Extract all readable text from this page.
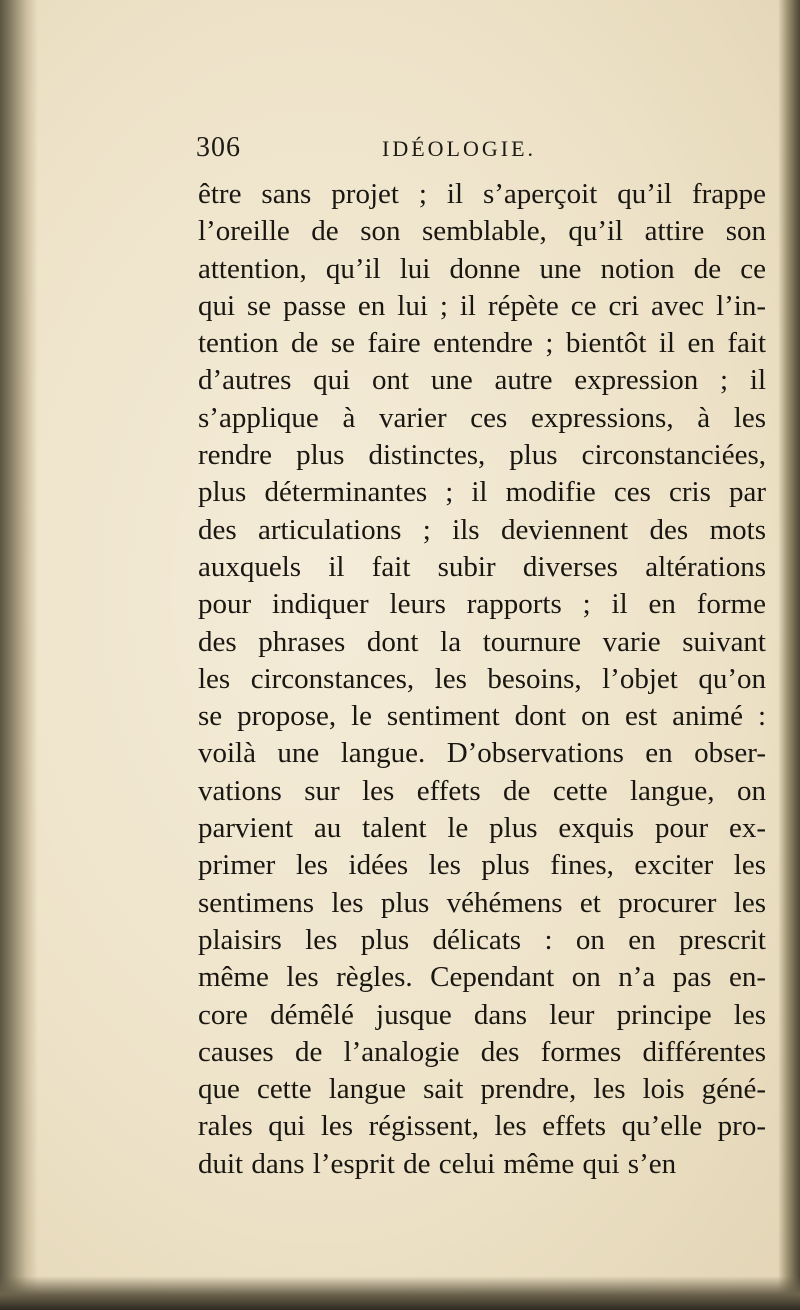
306	IDÉOLOGIE.
être sans projet ; il s’aperçoit qu’il frappe
l’oreille de son semblable, qu’il attire son
attention, qu’il lui donne une notion de ce
qui se passe en lui ; il répète ce cri avec l’in-
tention de se faire entendre ; bientôt il en fait
d’autres qui ont une autre expression ; il
s’applique à varier ces expressions, à les
rendre plus distinctes, plus circonstanciées,
plus déterminantes ; il modifie ces cris par
des articulations ; ils deviennent des mots
auxquels il fait subir diverses altérations
pour indiquer leurs rapports ; il en forme
des phrases dont la tournure varie suivant
les circonstances, les besoins, l’objet qu’on
se propose, le sentiment dont on est animé :
voilà une langue. D’observations en obser-
vations sur les effets de cette langue, on
parvient au talent le plus exquis pour ex-
primer les idées les plus fines, exciter les
sentimens les plus véhémens et procurer les
plaisirs les plus délicats : on en prescrit
même les règles. Cependant on n’a pas en-
core démêlé jusque dans leur principe les
causes de l’analogie des formes différentes
que cette langue sait prendre, les lois géné-
rales qui les régissent, les effets qu’elle pro-
duit dans l’esprit de celui même qui s’en
